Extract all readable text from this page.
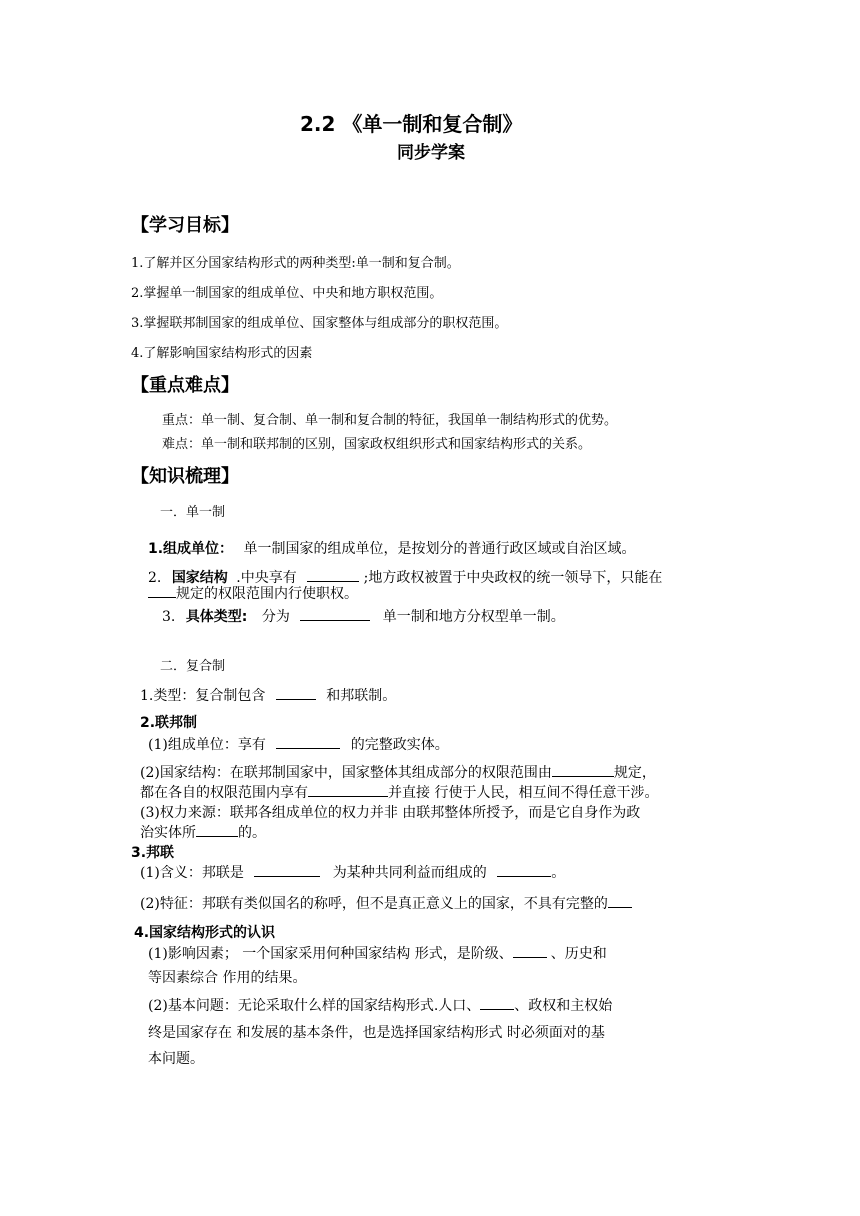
2.2 《单一制和复合制》
同步学案
【学习目标】
1.了解并区分国家结构形式的两种类型:单一制和复合制。
2.掌握单一制国家的组成单位、中央和地方职权范围。
3.掌握联邦制国家的组成单位、国家整体与组成部分的职权范围。
4.了解影响国家结构形式的因素
【重点难点】
重点：单一制、复合制、单一制和复合制的特征，我国单一制结构形式的优势。
难点：单一制和联邦制的区别，国家政权组织形式和国家结构形式的关系。
【知识梳理】
一．单一制
1.组成单位： 单一制国家的组成单位，是按划分的普通行政区域或自治区域。
2. 国家结构 .中央享有	;地方政权被置于中央政权的统一领导下，只能在
规定的权限范围内行使职权。
3. 具体类型: 分为	单一制和地方分权型单一制。
二．复合制
1.类型：复合制包含	和邦联制。
2.联邦制
(1)组成单位：享有	的完整政实体。
(2)国家结构：在联邦制国家中，国家整体其组成部分的权限范围由	规定，
都在各自的权限范围内享有	并直接 行使于人民，相互间不得任意干涉。
(3)权力来源：联邦各组成单位的权力并非 由联邦整体所授予，而是它自身作为政
治实体所	的。
3.邦联
(1)含义：邦联是	为某种共同利益而组成的	。
(2)特征：邦联有类似国名的称呼，但不是真正意义上的国家，不具有完整的
4.国家结构形式的认识
(1)影响因素； 一个国家采用何种国家结构 形式，是阶级、	、历史和
等因素综合 作用的结果。
(2)基本问题：无论采取什么样的国家结构形式.人口、 、政权和主权始
终是国家存在 和发展的基本条件，也是选择国家结构形式 时必须面对的基
本问题。
